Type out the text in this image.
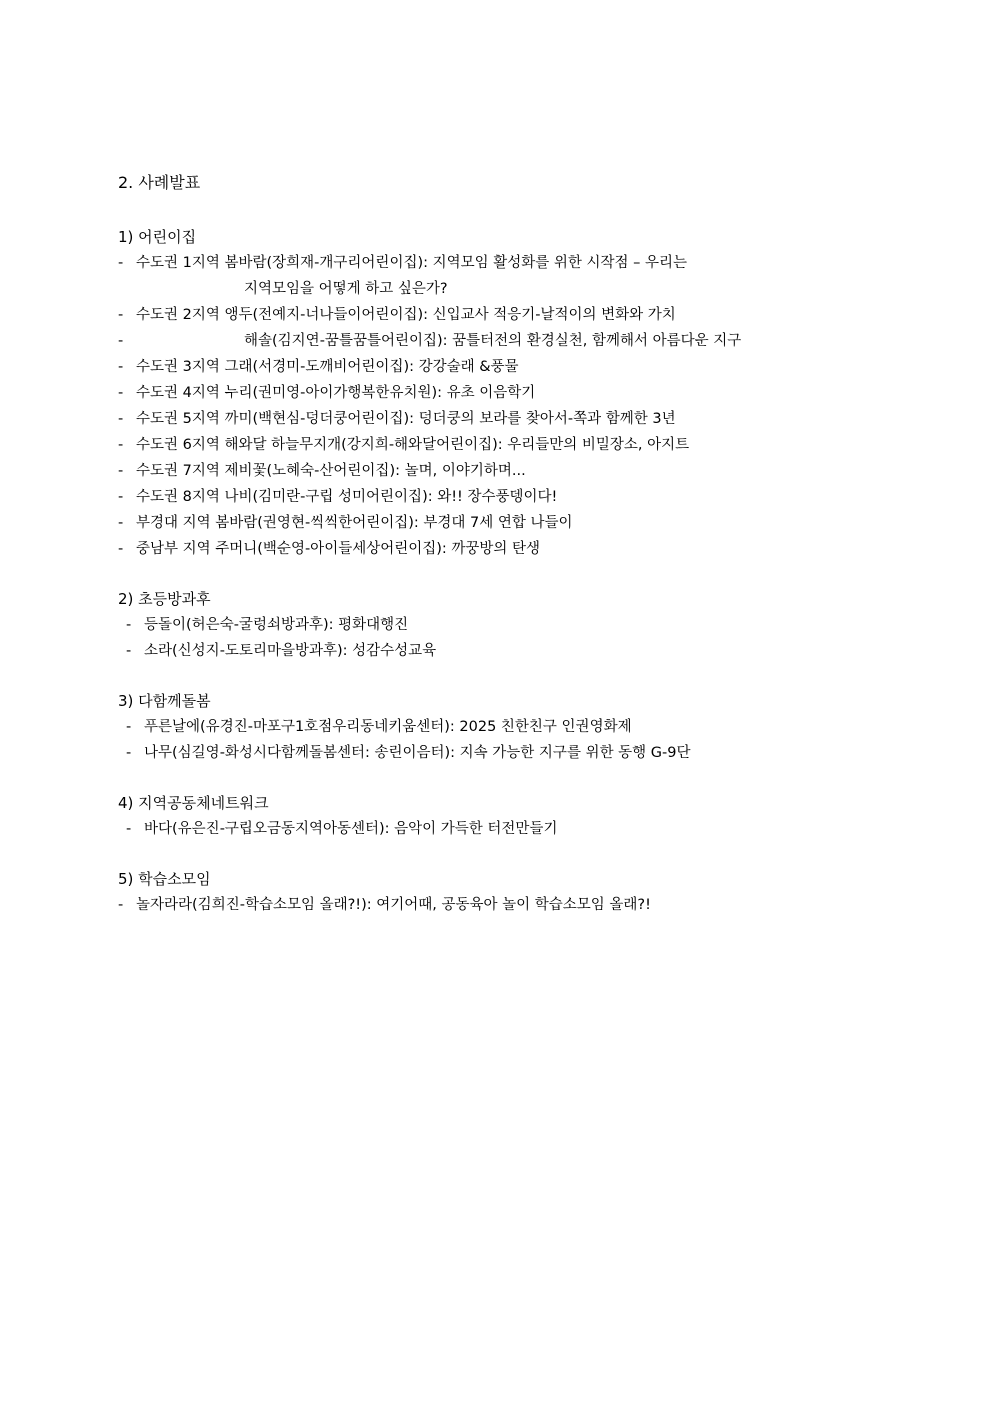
2. 사례발표
1) 어린이집
- 수도권 1지역 봄바람(장희재-개구리어린이집): 지역모임 활성화를 위한 시작점 – 우리는
지역모임을 어떻게 하고 싶은가?
- 수도권 2지역 앵두(전예지-너나들이어린이집): 신입교사 적응기-날적이의 변화와 가치
-	해솔(김지연-꿈틀꿈틀어린이집): 꿈틀터전의 환경실천, 함께해서 아름다운 지구
- 수도권 3지역 그래(서경미-도깨비어린이집): 강강술래 &풍물
- 수도권 4지역 누리(권미영-아이가행복한유치원): 유초 이음학기
- 수도권 5지역 까미(백현심-덩더쿵어린이집): 덩더쿵의 보라를 찾아서-쪽과 함께한 3년
- 수도권 6지역 해와달 하늘무지개(강지희-해와달어린이집): 우리들만의 비밀장소, 아지트
- 수도권 7지역 제비꽃(노혜숙-산어린이집): 놀며, 이야기하며...
- 수도권 8지역 나비(김미란-구립 성미어린이집): 와!! 장수풍뎅이다!
- 부경대 지역 봄바람(권영현-씩씩한어린이집): 부경대 7세 연합 나들이
- 중남부 지역 주머니(백순영-아이들세상어린이집): 까꿍방의 탄생
2) 초등방과후
- 등돌이(허은숙-굴렁쇠방과후): 평화대행진
- 소라(신성지-도토리마을방과후): 성감수성교육
3) 다함께돌봄
- 푸른날에(유경진-마포구1호점우리동네키움센터): 2025 친한친구 인권영화제
- 나무(심길영-화성시다함께돌봄센터: 송린이음터): 지속 가능한 지구를 위한 동행 G-9단
4) 지역공동체네트워크
- 바다(유은진-구립오금동지역아동센터): 음악이 가득한 터전만들기
5) 학습소모임
- 놀자라라(김희진-학습소모임 올래?!): 여기어때, 공동육아 놀이 학습소모임 올래?!
